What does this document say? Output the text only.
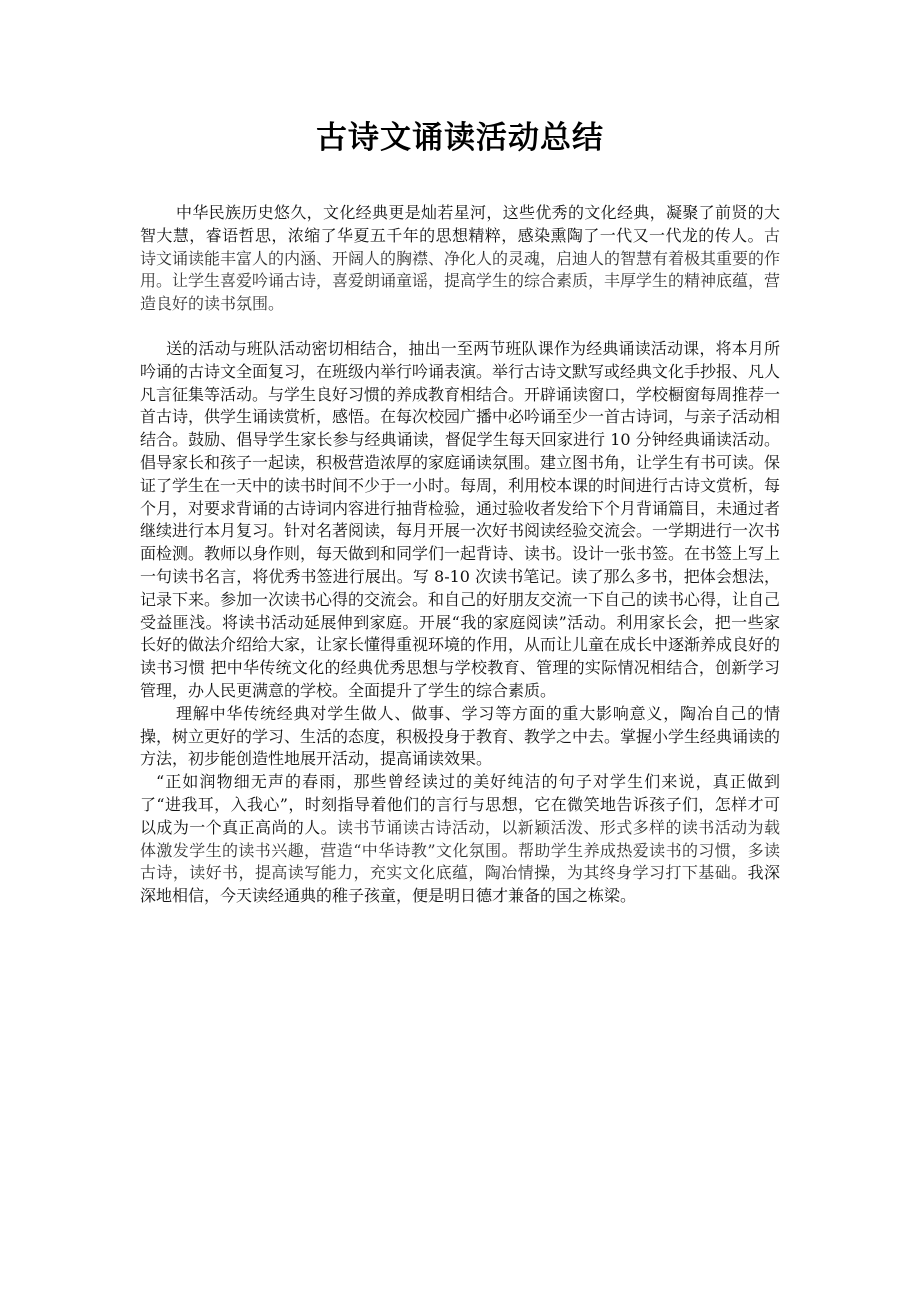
古诗文诵读活动总结

中华民族历史悠久，文化经典更是灿若星河，这些优秀的文化经典，凝聚了前贤的大智大慧，睿语哲思，浓缩了华夏五千年的思想精粹，感染熏陶了一代又一代龙的传人。古诗文诵读能丰富人的内涵、开阔人的胸襟、净化人的灵魂，启迪人的智慧有着极其重要的作用。让学生喜爱吟诵古诗，喜爱朗诵童谣，提高学生的综合素质，丰厚学生的精神底蕴，营造良好的读书氛围。

送的活动与班队活动密切相结合，抽出一至两节班队课作为经典诵读活动课，将本月所吟诵的古诗文全面复习，在班级内举行吟诵表演。举行古诗文默写或经典文化手抄报、凡人凡言征集等活动。与学生良好习惯的养成教育相结合。开辟诵读窗口，学校橱窗每周推荐一首古诗，供学生诵读赏析，感悟。在每次校园广播中必吟诵至少一首古诗词，与亲子活动相结合。鼓励、倡导学生家长参与经典诵读，督促学生每天回家进行 10 分钟经典诵读活动。倡导家长和孩子一起读，积极营造浓厚的家庭诵读氛围。建立图书角，让学生有书可读。保证了学生在一天中的读书时间不少于一小时。每周，利用校本课的时间进行古诗文赏析，每个月，对要求背诵的古诗词内容进行抽背检验，通过验收者发给下个月背诵篇目，未通过者继续进行本月复习。针对名著阅读，每月开展一次好书阅读经验交流会。一学期进行一次书面检测。教师以身作则，每天做到和同学们一起背诗、读书。设计一张书签。在书签上写上一句读书名言，将优秀书签进行展出。写 8-10 次读书笔记。读了那么多书，把体会想法，记录下来。参加一次读书心得的交流会。和自己的好朋友交流一下自己的读书心得，让自己受益匪浅。将读书活动延展伸到家庭。开展“我的家庭阅读”活动。利用家长会，把一些家长好的做法介绍给大家，让家长懂得重视环境的作用，从而让儿童在成长中逐渐养成良好的读书习惯 把中华传统文化的经典优秀思想与学校教育、管理的实际情况相结合，创新学习管理，办人民更满意的学校。全面提升了学生的综合素质。

理解中华传统经典对学生做人、做事、学习等方面的重大影响意义，陶冶自己的情操，树立更好的学习、生活的态度，积极投身于教育、教学之中去。掌握小学生经典诵读的方法，初步能创造性地展开活动，提高诵读效果。

“正如润物细无声的春雨，那些曾经读过的美好纯洁的句子对学生们来说，真正做到了“进我耳，入我心”，时刻指导着他们的言行与思想，它在微笑地告诉孩子们，怎样才可以成为一个真正高尚的人。读书节诵读古诗活动，以新颖活泼、形式多样的读书活动为载体激发学生的读书兴趣，营造“中华诗教”文化氛围。帮助学生养成热爱读书的习惯，多读古诗，读好书，提高读写能力，充实文化底蕴，陶冶情操，为其终身学习打下基础。我深深地相信，今天读经通典的稚子孩童，便是明日德才兼备的国之栋梁。
